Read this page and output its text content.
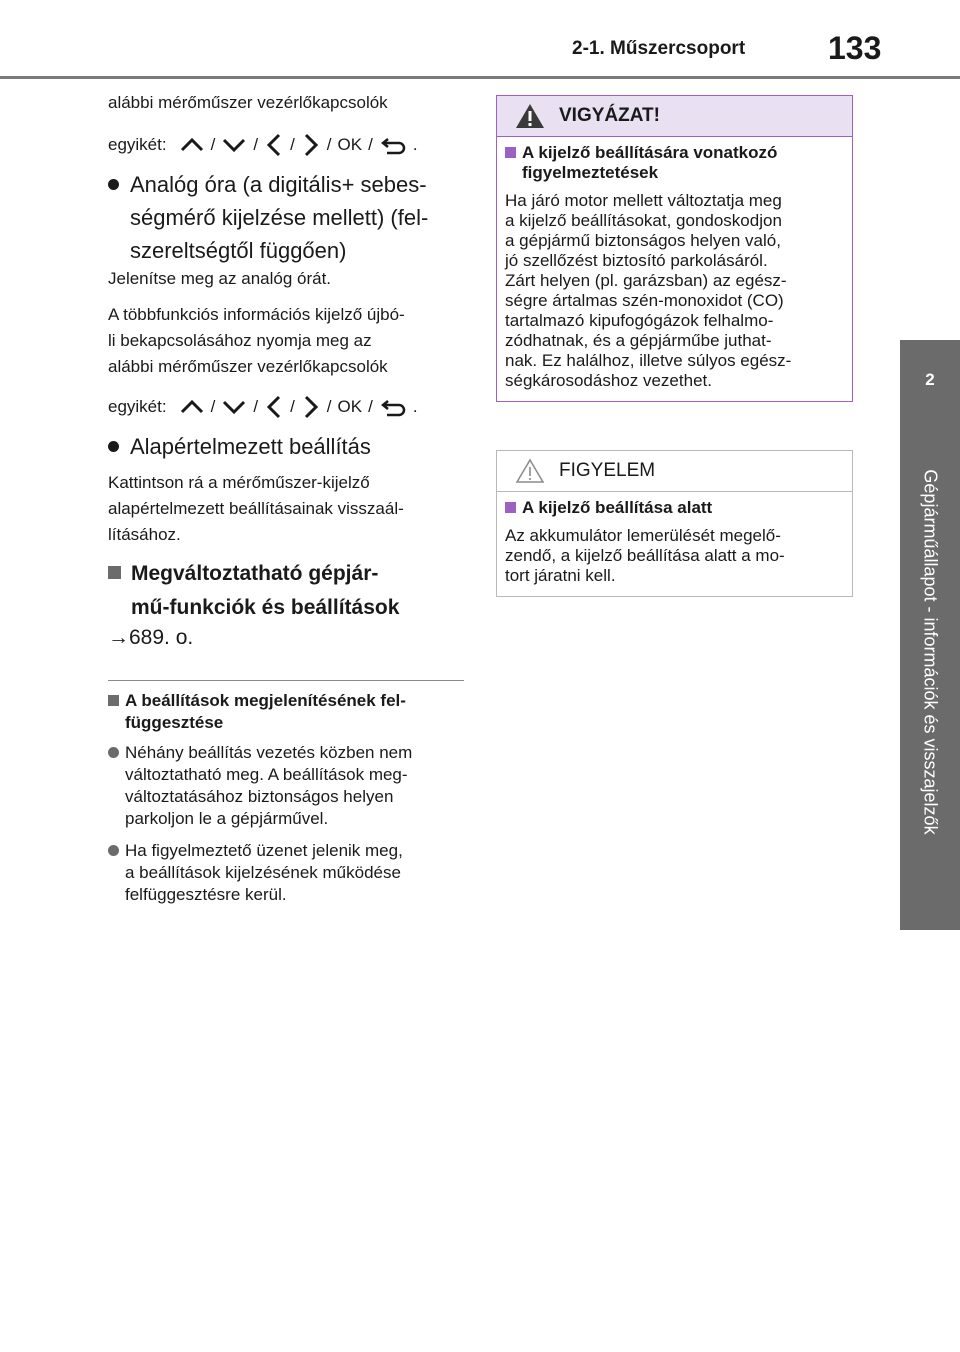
2-1. Műszercsoport	133
2
Gépjárműállapot - információk és visszajelzők
alábbi mérőműszer vezérlőkapcsolók
egyikét:	/ / / / OK / .
Analóg óra (a digitális+ sebes-
ségmérő kijelzése mellett) (fel-
szereltségtől függően)
Jelenítse meg az analóg órát.
A többfunkciós információs kijelző újbó-
li bekapcsolásához nyomja meg az
alábbi mérőműszer vezérlőkapcsolók
egyikét:	/ / / / OK / .
Alapértelmezett beállítás
Kattintson rá a mérőműszer-kijelző
alapértelmezett beállításainak visszaál-
lításához.
Megváltoztatható gépjár-
mű-funkciók és beállítások
→689. o.
A beállítások megjelenítésének fel-
függesztése
Néhány beállítás vezetés közben nem
változtatható meg. A beállítások meg-
változtatásához biztonságos helyen
parkoljon le a gépjárművel.
Ha figyelmeztető üzenet jelenik meg,
a beállítások kijelzésének működése
felfüggesztésre kerül.
VIGYÁZAT!
A kijelző beállítására vonatkozó
figyelmeztetések
Ha járó motor mellett változtatja meg
a kijelző beállításokat, gondoskodjon
a gépjármű biztonságos helyen való,
jó szellőzést biztosító parkolásáról.
Zárt helyen (pl. garázsban) az egész-
ségre ártalmas szén-monoxidot (CO)
tartalmazó kipufogógázok felhalmo-
zódhatnak, és a gépjárműbe juthat-
nak. Ez halálhoz, illetve súlyos egész-
ségkárosodáshoz vezethet.
FIGYELEM
A kijelző beállítása alatt
Az akkumulátor lemerülését megelő-
zendő, a kijelző beállítása alatt a mo-
tort járatni kell.
